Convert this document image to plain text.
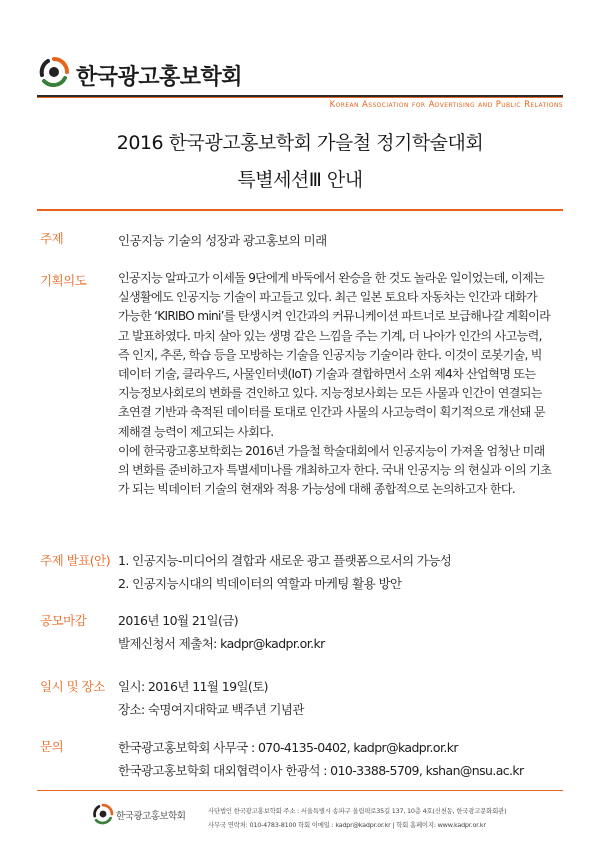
한국광고홍보학회
Korean Association for Advertising and Public Relations
2016 한국광고홍보학회 가을철 정기학술대회
특별세션Ⅲ 안내
주제	인공지능 기술의 성장과 광고홍보의 미래
기획의도	인공지능 알파고가 이세돌 9단에게 바둑에서 완승을 한 것도 놀라운 일이었는데, 이제는

실생활에도 인공지능 기술이 파고들고 있다. 최근 일본 토요타 자동차는 인간과 대화가

가능한 ‘KIRIBO mini’를 탄생시켜 인간과의 커뮤니케이션 파트너로 보급해나갈 계획이라

고 발표하였다. 마치 살아 있는 생명 같은 느낌을 주는 기계, 더 나아가 인간의 사고능력,

즉 인지, 추론, 학습 등을 모방하는 기술을 인공지능 기술이라 한다. 이것이 로봇기술, 빅

데이터 기술, 클라우드, 사물인터넷(IoT) 기술과 결합하면서 소위 제4차 산업혁명 또는

지능정보사회로의 변화를 견인하고 있다. 지능정보사회는 모든 사물과 인간이 연결되는

초연결 기반과 축적된 데이터를 토대로 인간과 사물의 사고능력이 획기적으로 개선돼 문

제해결 능력이 제고되는 사회다.

이에 한국광고홍보학회는 2016년 가을철 학술대회에서 인공지능이 가져올 엄청난 미래

의 변화를 준비하고자 특별세미나를 개최하고자 한다. 국내 인공지능 의 현실과 이의 기초

가 되는 빅데이터 기술의 현재와 적용 가능성에 대해 종합적으로 논의하고자 한다.

주제 발표(안) 1. 인공지능-미디어의 결합과 새로운 광고 플랫폼으로서의 가능성
2. 인공지능시대의 빅데이터의 역할과 마케팅 활용 방안
공모마감	2016년 10월 21일(금)
발제신청서 제출처: kadpr@kadpr.or.kr
일시 및 장소 일시: 2016년 11월 19일(토)
장소: 숙명여지대학교 백주년 기념관
문의	한국광고홍보학회 사무국 : 070-4135-0402, kadpr@kadpr.or.kr
한국광고홍보학회 대외협력이사 한광석 : 010-3388-5709, kshan@nsu.ac.kr
한국광고홍보학회	사단법인 한국광고홍보학회 주소 : 서울특별시 송파구 올림픽로35길 137, 10층 4호(신천동, 한국광고문화회관)
사무국 연락처: 010-4783-8100 학회 이메일 : kadpr@kadpr.or.kr | 학회 홈페이지: www.kadpr.or.kr
